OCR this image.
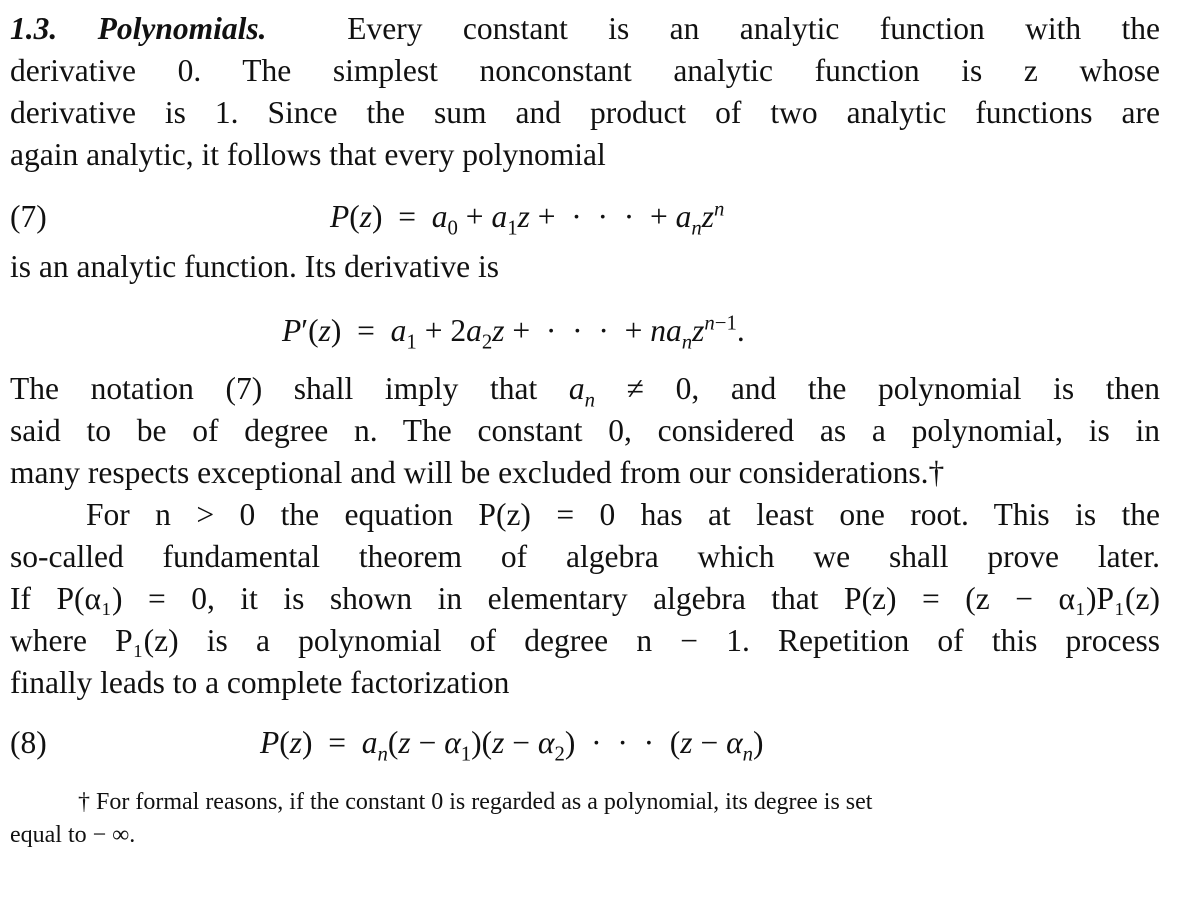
1.3. Polynomials.	Every constant is an analytic function with the
derivative 0. The simplest nonconstant analytic function is z whose
derivative is 1. Since the sum and product of two analytic functions are
again analytic, it follows that every polynomial
(7)	$P(z) = a_0 + a_1z$ +  ·  ·  ·  + $a_nz^n$
is an analytic function. Its derivative is
$P'(z) = a_1 + 2a_2z$ +  ·  ·  ·  + $na_nz^{n-1}$.
The notation (7) shall imply that $a_n \ne 0$, and the polynomial is then
said to be of degree n. The constant 0, considered as a polynomial, is in
many respects exceptional and will be excluded from our considerations.†
For n > 0 the equation P(z) = 0 has at least one root. This is the
so-called fundamental theorem of algebra which we shall prove later.
If P(α₁) = 0, it is shown in elementary algebra that P(z) = (z − α₁)P₁(z)
where P₁(z) is a polynomial of degree n − 1. Repetition of this process
finally leads to a complete factorization
(8)	$P(z) = a_n(z - \alpha_1)(z - \alpha_2)$  ·  ·  ·  $(z - \alpha_n)$
† For formal reasons, if the constant 0 is regarded as a polynomial, its degree is set
equal to − ∞.
